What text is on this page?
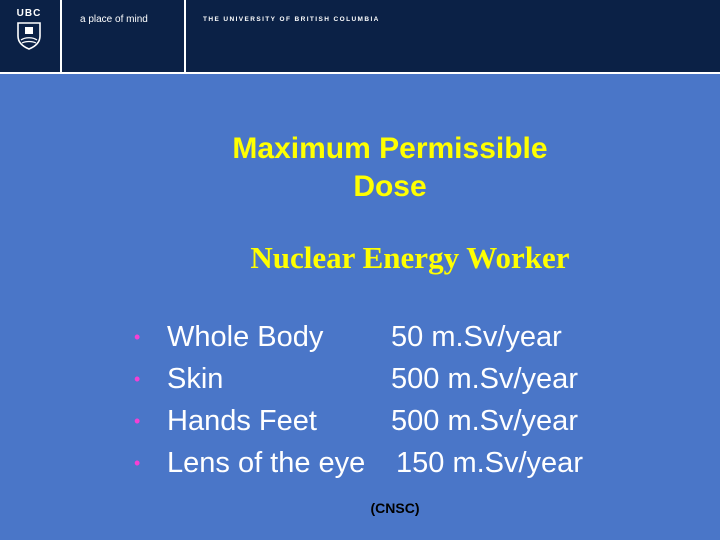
UBC
a place of mind	THE UNIVERSITY OF BRITISH COLUMBIA
Maximum Permissible
Dose
Nuclear Energy Worker
• Whole Body 50 m.Sv/year
• Skin	500 m.Sv/year
• Hands Feet	500 m.Sv/year
• Lens of the eye 150 m.Sv/year
(CNSC)
